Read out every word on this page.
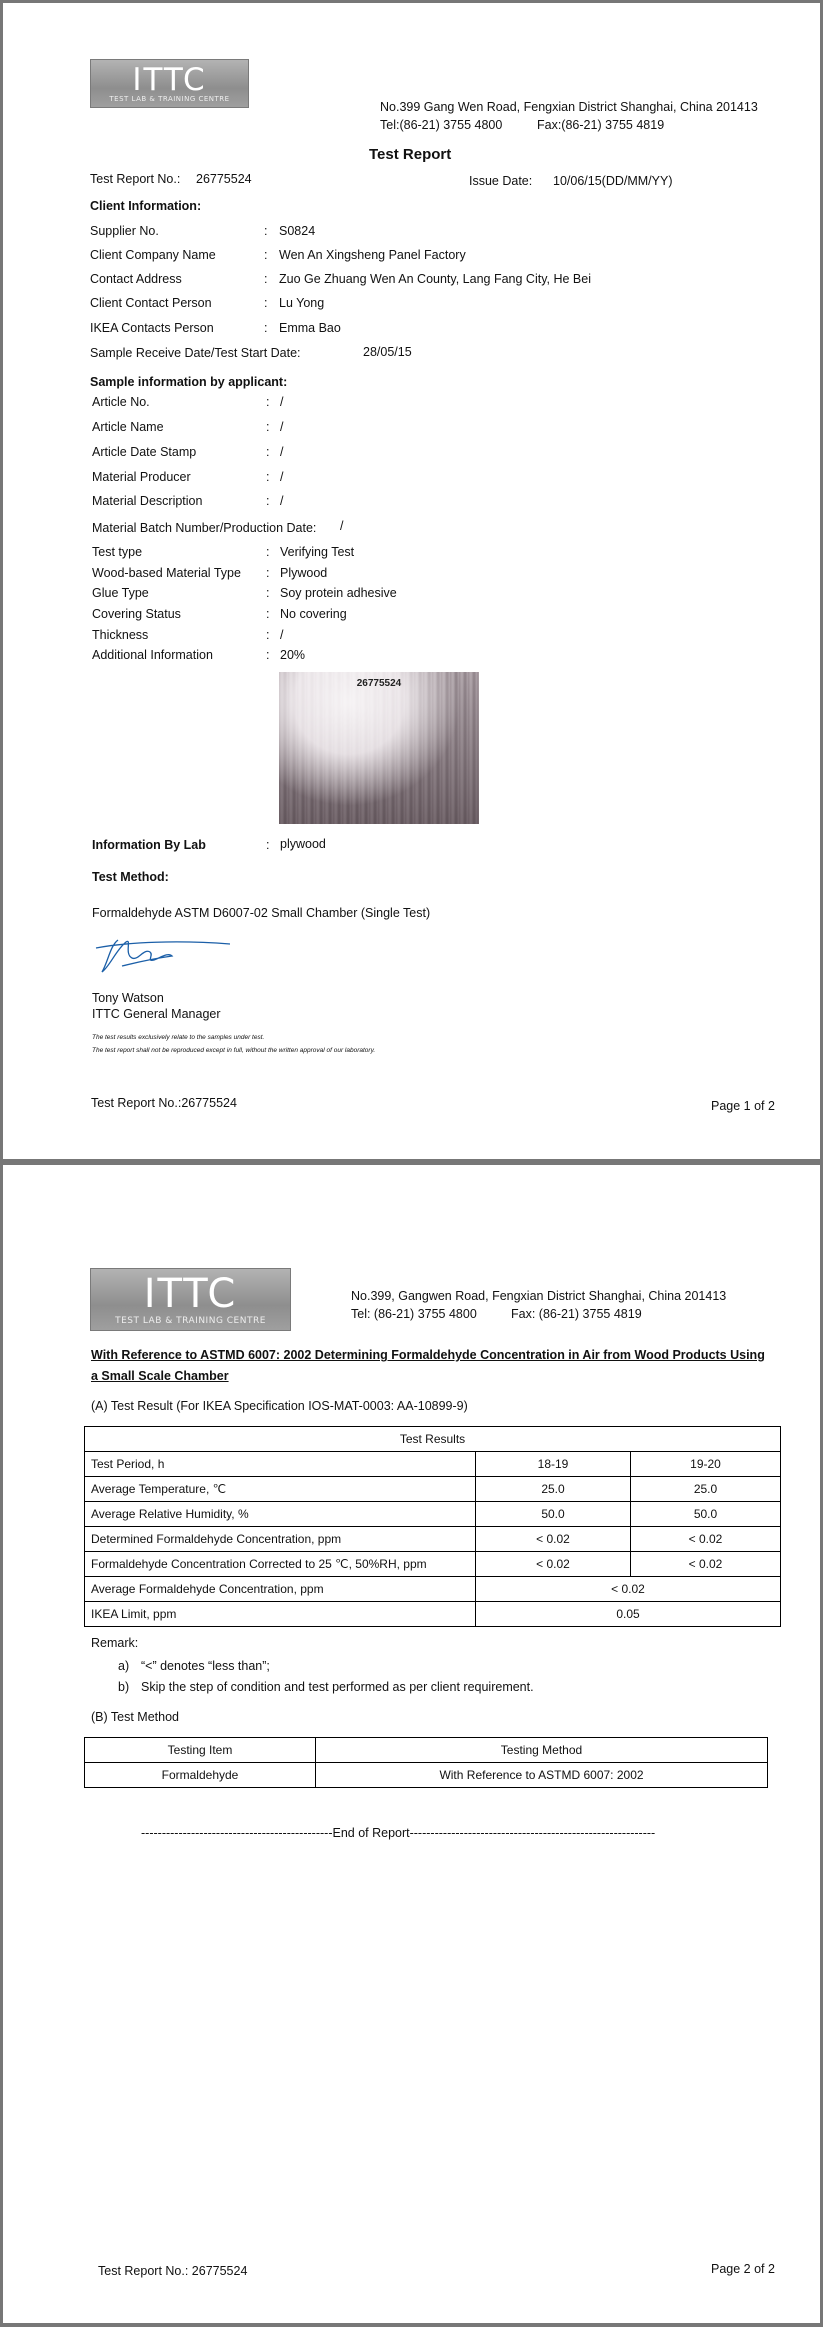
ITTC
TEST LAB & TRAINING CENTRE
No.399 Gang Wen Road, Fengxian District Shanghai, China 201413
Tel:(86-21) 3755 4800	Fax:(86-21) 3755 4819
Test Report
Test Report No.: 26775524	Issue Date: 10/06/15(DD/MM/YY)
Client Information:
Supplier No.	: S0824
Client Company Name	: Wen An Xingsheng Panel Factory
Contact Address	: Zuo Ge Zhuang Wen An County, Lang Fang City, He Bei
Client Contact Person	: Lu Yong
IKEA Contacts Person	: Emma Bao
Sample Receive Date/Test Start Date:	28/05/15
Sample information by applicant:
Article No.	: /
Article Name	: /
Article Date Stamp	: /
Material Producer	: /
Material Description	: /
Material Batch Number/Production Date: /
Test type	: Verifying Test
Wood-based Material Type : Plywood
Glue Type	: Soy protein adhesive
Covering Status	: No covering
Thickness	: /
Additional Information	: 20%
26775524
Information By Lab	: plywood
Test Method:
Formaldehyde ASTM D6007-02 Small Chamber (Single Test)
Tony Watson
ITTC General Manager
The test results exclusively relate to the samples under test.
The test report shall not be reproduced except in full, without the written approval of our laboratory.
Test Report No.:26775524	Page 1 of 2
ITTC
TEST LAB & TRAINING CENTRE
No.399, Gangwen Road, Fengxian District Shanghai, China 201413
Tel: (86-21) 3755 4800	Fax: (86-21) 3755 4819
With Reference to ASTMD 6007: 2002 Determining Formaldehyde Concentration in Air from Wood Products Using
a Small Scale Chamber
(A) Test Result (For IKEA Specification IOS-MAT-0003: AA-10899-9)
Test Results		
Test Period, h	18-19	19-20
Average Temperature, ℃	25.0	25.0
Average Relative Humidity, %	50.0	50.0
Determined Formaldehyde Concentration, ppm	< 0.02	< 0.02
Formaldehyde Concentration Corrected to 25 ℃, 50%RH, ppm	< 0.02	< 0.02
Average Formaldehyde Concentration, ppm	< 0.02	
IKEA Limit, ppm	0.05	
Remark:
a) “<” denotes “less than”;
b) Skip the step of condition and test performed as per client requirement.
(B) Test Method
Testing Item	Testing Method
Formaldehyde	With Reference to ASTMD 6007: 2002
----------------------------------------------End of Report-----------------------------------------------------------
Test Report No.: 26775524	Page 2 of 2
